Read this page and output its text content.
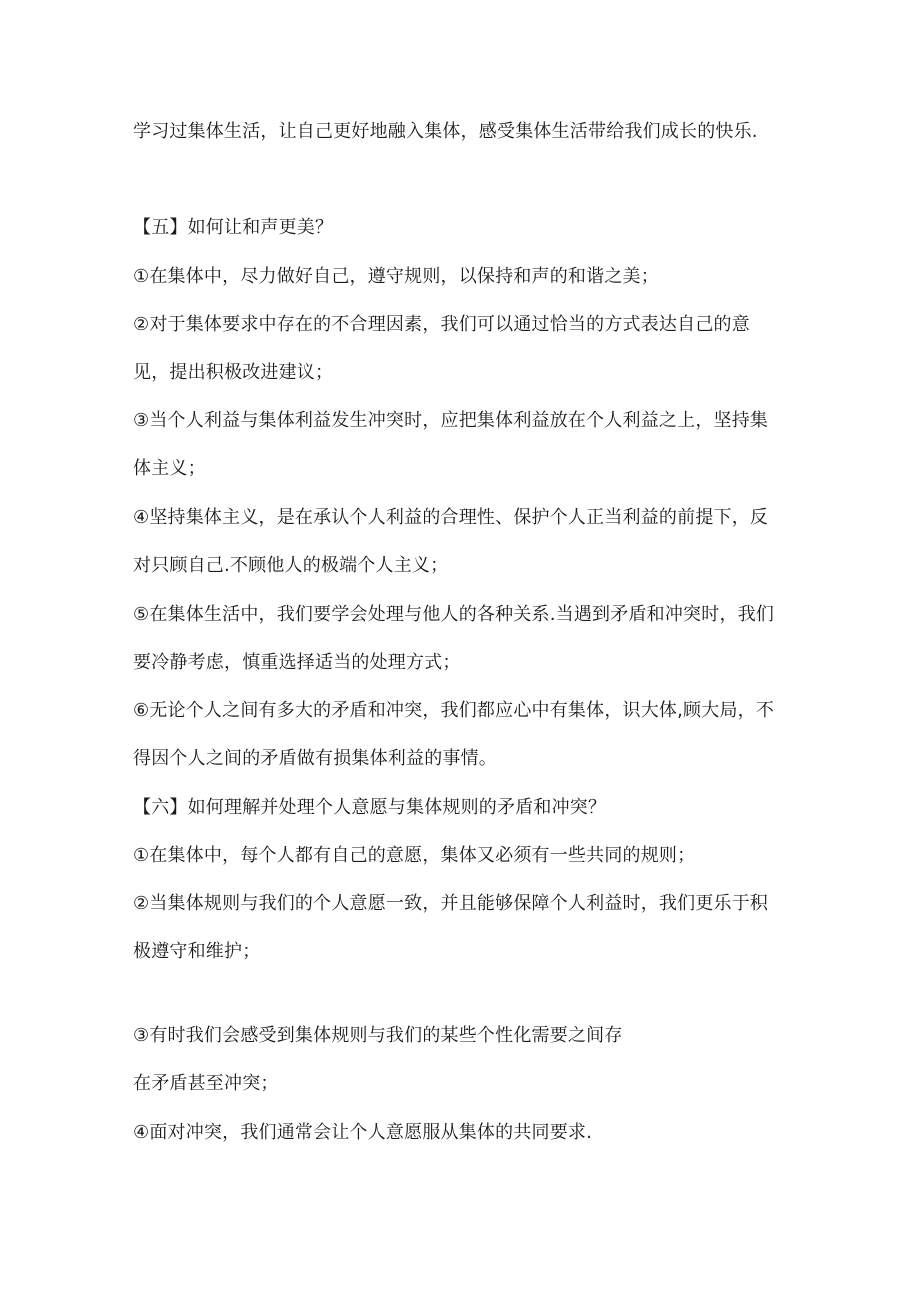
学习过集体生活，让自己更好地融入集体，感受集体生活带给我们成长的快乐.
【五】如何让和声更美？
①在集体中，尽力做好自己，遵守规则，以保持和声的和谐之美；
②对于集体要求中存在的不合理因素，我们可以通过恰当的方式表达自己的意
见，提出积极改进建议；
③当个人利益与集体利益发生冲突时，应把集体利益放在个人利益之上，坚持集
体主义；
④坚持集体主义，是在承认个人利益的合理性、保护个人正当利益的前提下，反
对只顾自己.不顾他人的极端个人主义；
⑤在集体生活中，我们要学会处理与他人的各种关系.当遇到矛盾和冲突时，我们
要冷静考虑，慎重选择适当的处理方式；
⑥无论个人之间有多大的矛盾和冲突，我们都应心中有集体，识大体,顾大局，不
得因个人之间的矛盾做有损集体利益的事情。
【六】如何理解并处理个人意愿与集体规则的矛盾和冲突？
①在集体中，每个人都有自己的意愿，集体又必须有一些共同的规则；
②当集体规则与我们的个人意愿一致，并且能够保障个人利益时，我们更乐于积
极遵守和维护；
③有时我们会感受到集体规则与我们的某些个性化需要之间存
在矛盾甚至冲突；
④面对冲突，我们通常会让个人意愿服从集体的共同要求.
